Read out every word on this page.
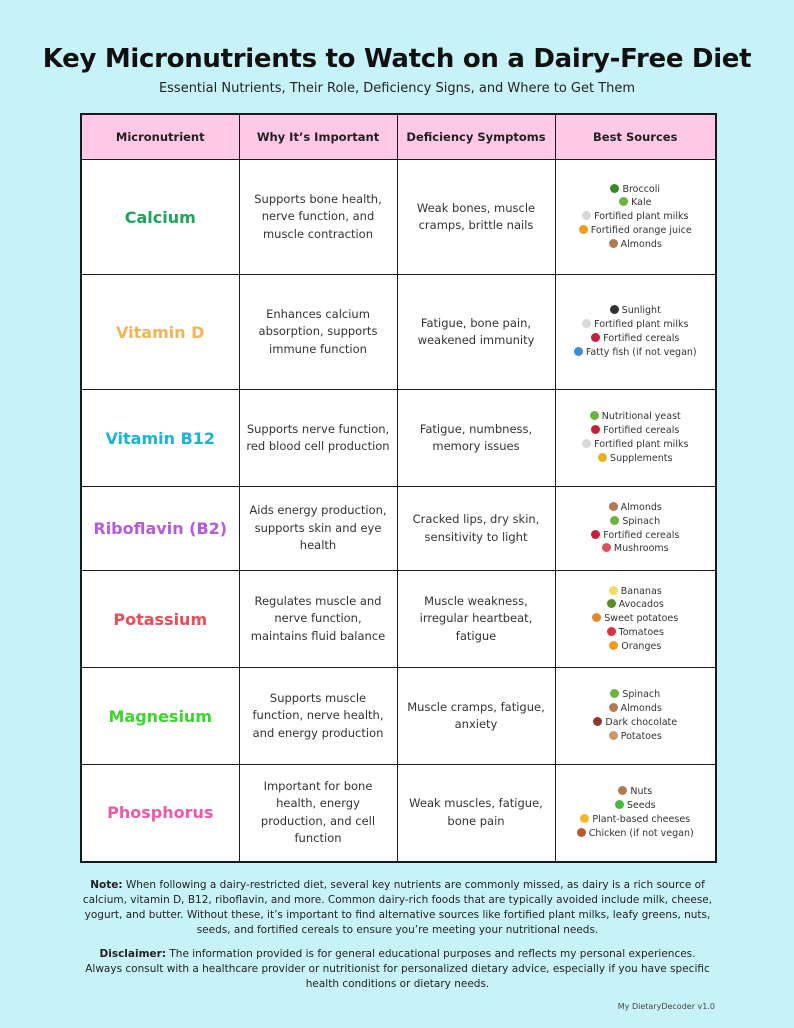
Key Micronutrients to Watch on a Dairy-Free Diet
Essential Nutrients, Their Role, Deficiency Signs, and Where to Get Them
Micronutrient	Why It’s Important	Deficiency Symptoms	Best Sources
Calcium	Supports bone health, nerve function, and muscle contraction	Weak bones, muscle cramps, brittle nails	Broccoli
Kale
Fortified plant milks
Fortified orange juice
Almonds

Vitamin D	Enhances calcium absorption, supports immune function	Fatigue, bone pain, weakened immunity	Sunlight
Fortified plant milks
Fortified cereals
Fatty fish (if not vegan)

Vitamin B12	Supports nerve function, red blood cell production	Fatigue, numbness, memory issues	Nutritional yeast
Fortified cereals
Fortified plant milks
Supplements

Riboflavin (B2)	Aids energy production, supports skin and eye health	Cracked lips, dry skin, sensitivity to light	Almonds
Spinach
Fortified cereals
Mushrooms

Potassium	Regulates muscle and nerve function, maintains fluid balance	Muscle weakness, irregular heartbeat, fatigue	Bananas
Avocados
Sweet potatoes
Tomatoes
Oranges

Magnesium	Supports muscle function, nerve health, and energy production	Muscle cramps, fatigue, anxiety	Spinach
Almonds
Dark chocolate
Potatoes

Phosphorus	Important for bone health, energy production, and cell function	Weak muscles, fatigue, bone pain	Nuts
Seeds
Plant-based cheeses
Chicken (if not vegan)
Note: When following a dairy-restricted diet, several key nutrients are commonly missed, as dairy is a rich source of calcium, vitamin D, B12, riboflavin, and more. Common dairy-rich foods that are typically avoided include milk, cheese, yogurt, and butter. Without these, it’s important to find alternative sources like fortified plant milks, leafy greens, nuts, seeds, and fortified cereals to ensure you’re meeting your nutritional needs.
Disclaimer: The information provided is for general educational purposes and reflects my personal experiences. Always consult with a healthcare provider or nutritionist for personalized dietary advice, especially if you have specific health conditions or dietary needs.
My DietaryDecoder v1.0
